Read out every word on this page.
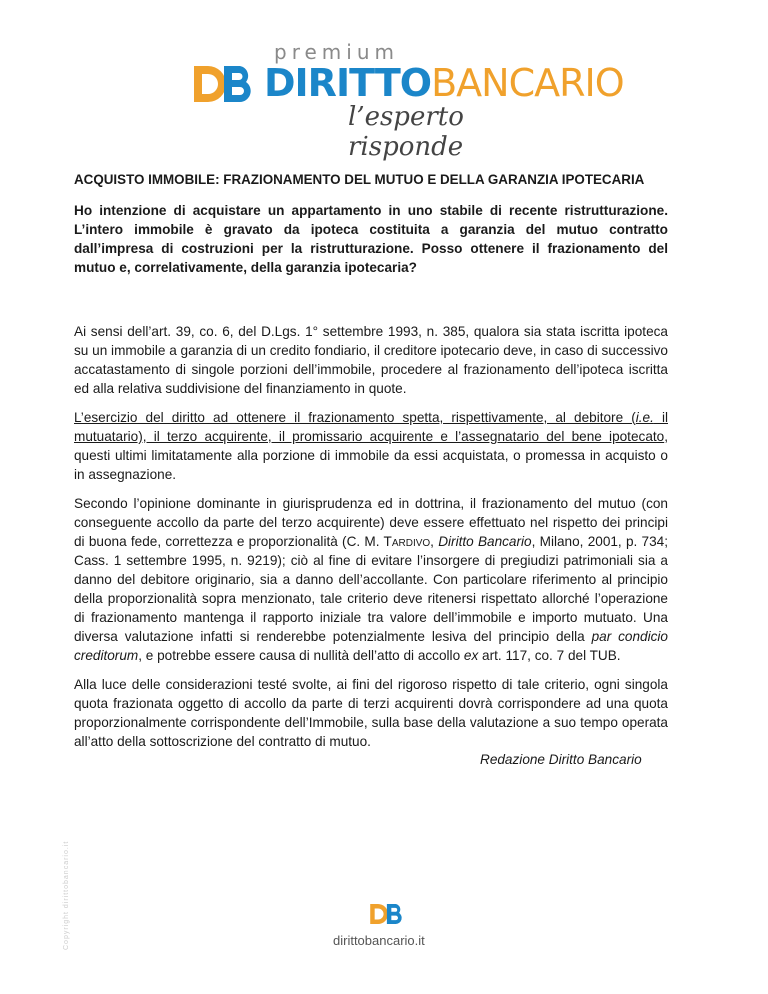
premium
DIRITTOBANCARIO
l’esperto risponde
ACQUISTO IMMOBILE: FRAZIONAMENTO DEL MUTUO E DELLA GARANZIA IPOTECARIA
Ho intenzione di acquistare un appartamento in uno stabile di recente ristrutturazione. L’intero immobile è gravato da ipoteca costituita a garanzia del mutuo contratto dall’impresa di costruzioni per la ristrutturazione. Posso ottenere il frazionamento del mutuo e, correlativamente, della garanzia ipotecaria?

Ai sensi dell’art. 39, co. 6, del D.Lgs. 1° settembre 1993, n. 385, qualora sia stata iscritta ipoteca su un immobile a garanzia di un credito fondiario, il creditore ipotecario deve, in caso di successivo accatastamento di singole porzioni dell’immobile, procedere al frazionamento dell’ipoteca iscritta ed alla relativa suddivisione del finanziamento in quote.

L’esercizio del diritto ad ottenere il frazionamento spetta, rispettivamente, al debitore (i.e. il mutuatario), il terzo acquirente, il promissario acquirente e l’assegnatario del bene ipotecato, questi ultimi limitatamente alla porzione di immobile da essi acquistata, o promessa in acquisto o in assegnazione.

Secondo l’opinione dominante in giurisprudenza ed in dottrina, il frazionamento del mutuo (con conseguente accollo da parte del terzo acquirente) deve essere effettuato nel rispetto dei principi di buona fede, correttezza e proporzionalità (C. M. Tardivo, Diritto Bancario, Milano, 2001, p. 734; Cass. 1 settembre 1995, n. 9219); ciò al fine di evitare l’insorgere di pregiudizi patrimoniali sia a danno del debitore originario, sia a danno dell’accollante. Con particolare riferimento al principio della proporzionalità sopra menzionato, tale criterio deve ritenersi rispettato allorché l’operazione di frazionamento mantenga il rapporto iniziale tra valore dell’immobile e importo mutuato. Una diversa valutazione infatti si renderebbe potenzialmente lesiva del principio della par condicio creditorum, e potrebbe essere causa di nullità dell’atto di accollo ex art. 117, co. 7 del TUB.

Alla luce delle considerazioni testé svolte, ai fini del rigoroso rispetto di tale criterio, ogni singola quota frazionata oggetto di accollo da parte di terzi acquirenti dovrà corrispondere ad una quota proporzionalmente corrispondente dell’Immobile, sulla base della valutazione a suo tempo operata all’atto della sottoscrizione del contratto di mutuo.

Redazione Diritto Bancario
Copyright dirittobancario.it	dirittobancario.it
